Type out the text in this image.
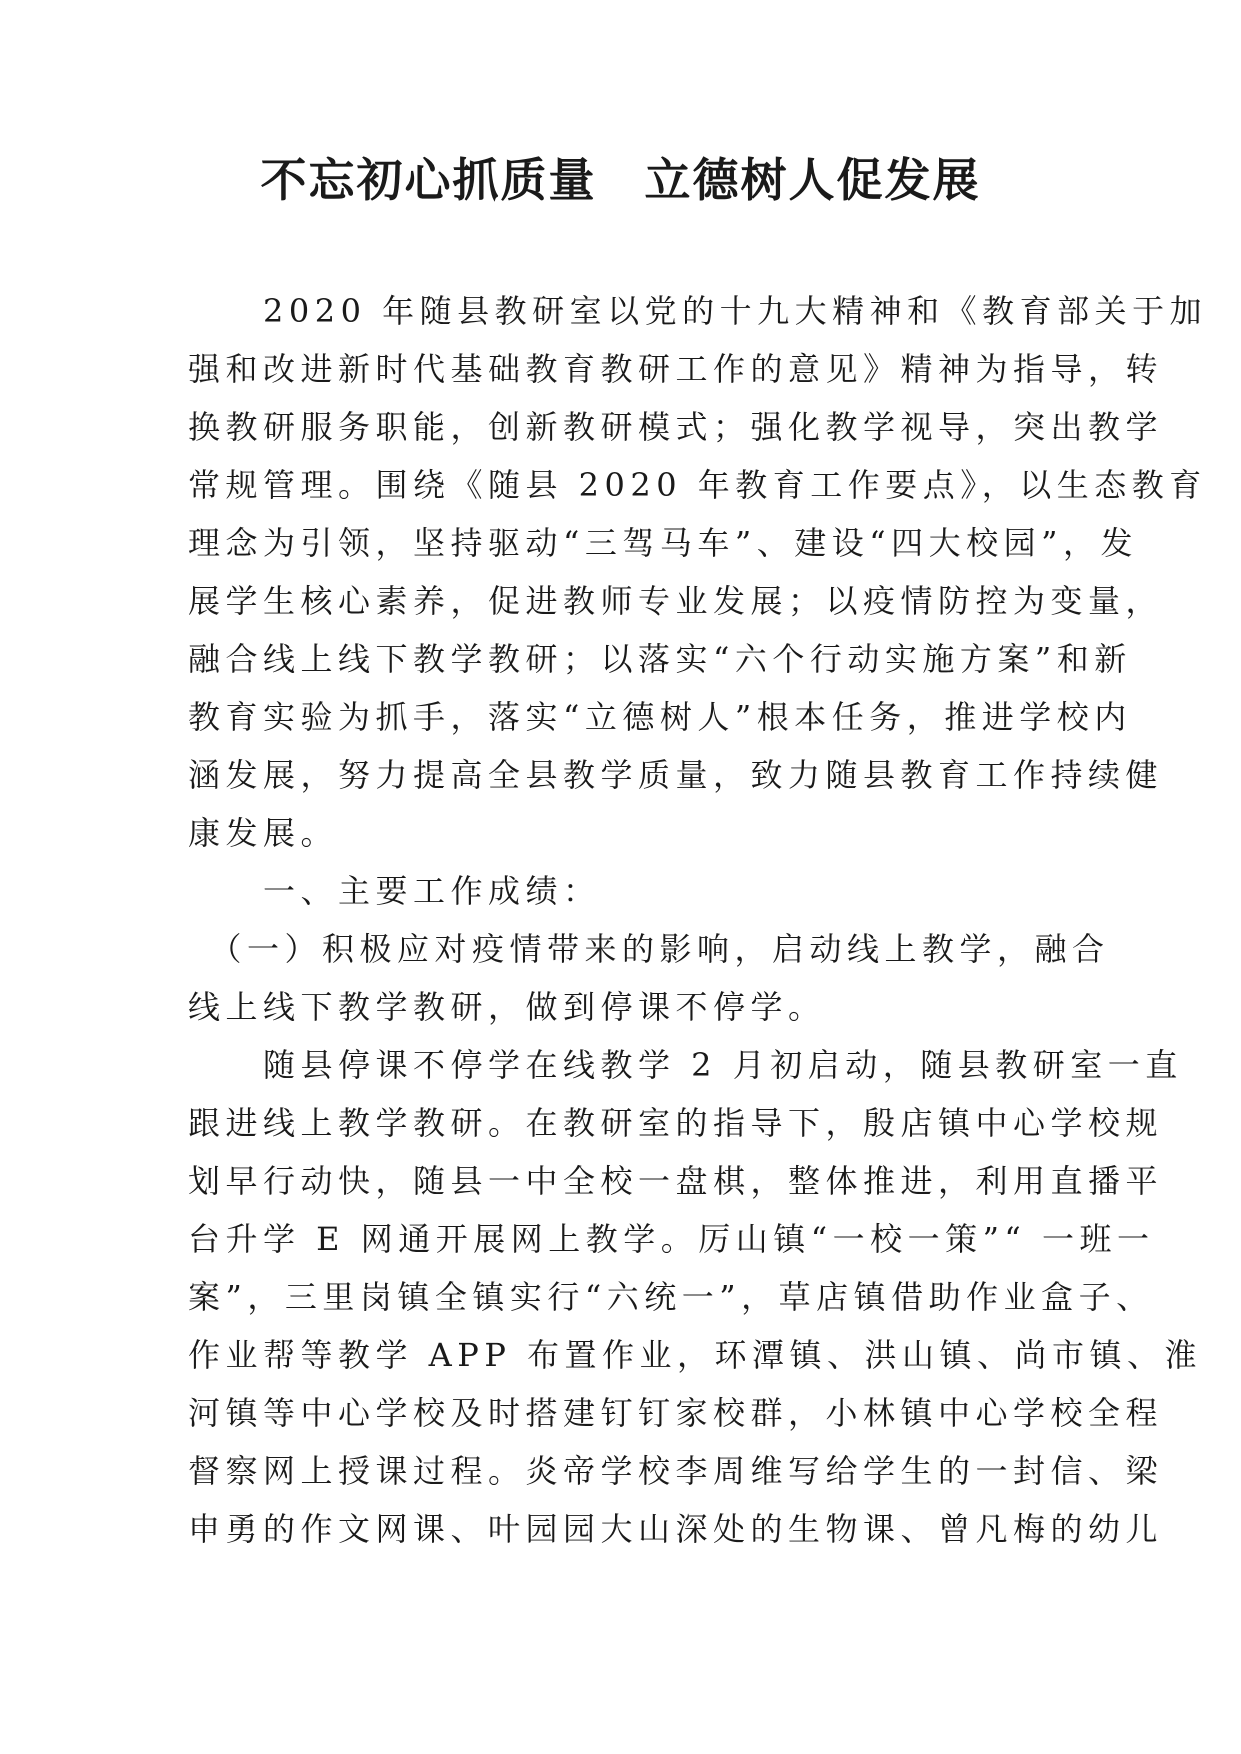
不忘初心抓质量　立德树人促发展
　　2020 年随县教研室以党的十九大精神和《教育部关于加
强和改进新时代基础教育教研工作的意见》精神为指导，转
换教研服务职能，创新教研模式；强化教学视导，突出教学
常规管理。围绕《随县 2020 年教育工作要点》，以生态教育
理念为引领，坚持驱动“三驾马车”、建设“四大校园”，发
展学生核心素养，促进教师专业发展；以疫情防控为变量，
融合线上线下教学教研；以落实“六个行动实施方案”和新
教育实验为抓手，落实“立德树人”根本任务，推进学校内
涵发展，努力提高全县教学质量，致力随县教育工作持续健
康发展。
　　一、主要工作成绩：
　（一）积极应对疫情带来的影响，启动线上教学，融合
线上线下教学教研，做到停课不停学。
　　随县停课不停学在线教学 2 月初启动，随县教研室一直
跟进线上教学教研。在教研室的指导下，殷店镇中心学校规
划早行动快，随县一中全校一盘棋，整体推进，利用直播平
台升学 E 网通开展网上教学。厉山镇“一校一策”“ 一班一
案”，三里岗镇全镇实行“六统一”，草店镇借助作业盒子、
作业帮等教学 APP 布置作业，环潭镇、洪山镇、尚市镇、淮
河镇等中心学校及时搭建钉钉家校群，小林镇中心学校全程
督察网上授课过程。炎帝学校李周维写给学生的一封信、梁
申勇的作文网课、叶园园大山深处的生物课、曾凡梅的幼儿
